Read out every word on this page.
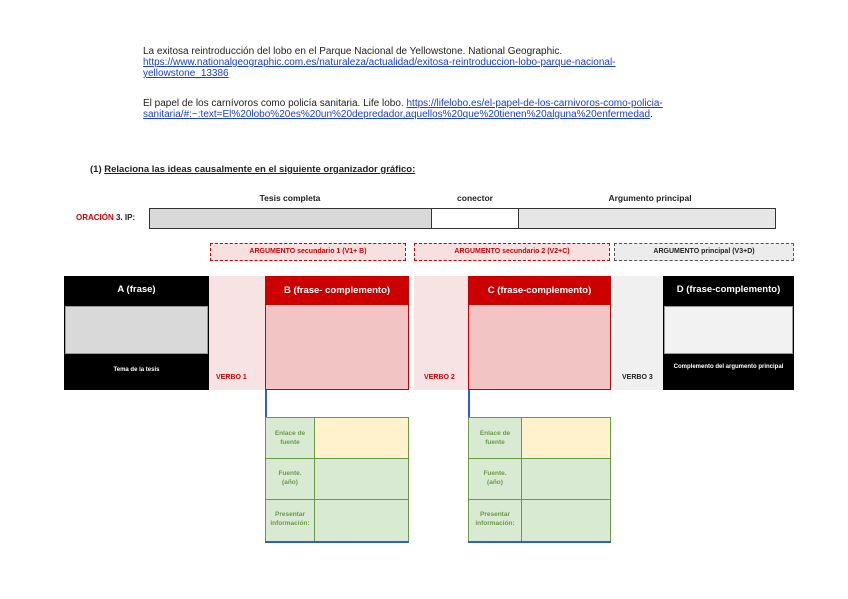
La exitosa reintroducción del lobo en el Parque Nacional de Yellowstone. National Geographic.
https://www.nationalgeographic.com.es/naturaleza/actualidad/exitosa-reintroduccion-lobo-parque-nacional-
yellowstone_13386
El papel de los carnívoros como policía sanitaria. Life lobo. https://lifelobo.es/el-papel-de-los-carnivoros-como-policia-
sanitaria/#:~:text=El%20lobo%20es%20un%20depredador,aquellos%20que%20tienen%20alguna%20enfermedad.
(1) Relaciona las ideas causalmente en el siguiente organizador gráfico:
Tesis completa	conector	Argumento principal
ORACIÓN 3. IP:
ARGUMENTO secundario 1 (V1+ B)	ARGUMENTO secundario 2 (V2+C)	ARGUMENTO principal (V3+D)
A (frase)
Tema de la tesis
VERBO 1
B (frase- complemento)
VERBO 2
C (frase-complemento)
VERBO 3
D (frase-complemento)
Complemento del argumento principal
Enlace de fuente
Fuente. (año)
Presentar información:
Enlace de fuente
Fuente. (año)
Presentar información:
